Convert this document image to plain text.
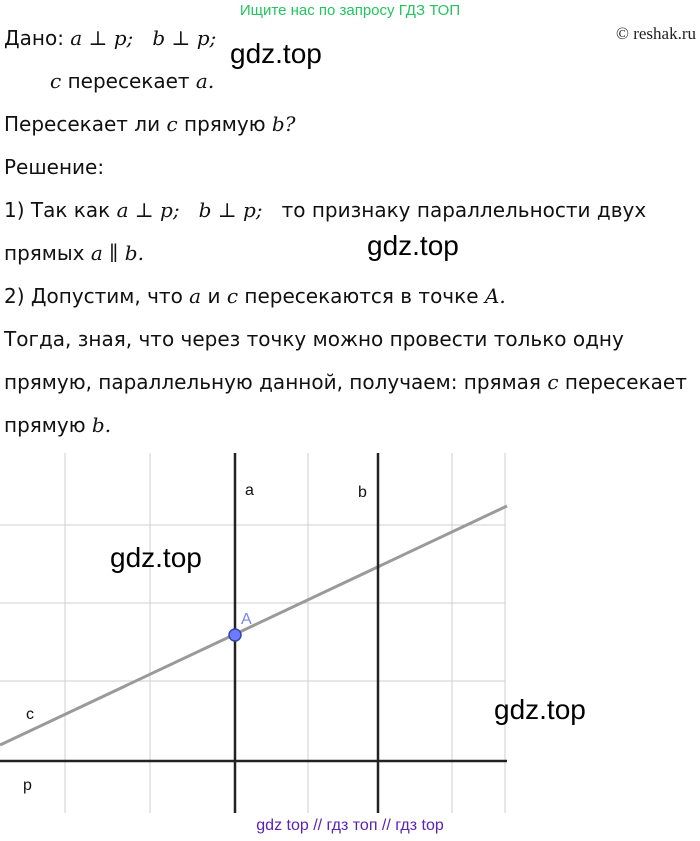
Ищите нас по запросу ГДЗ ТОП
© reshak.ru
Дано: a ⊥ p; b ⊥ p;
c пересекает a.
Пересекает ли c прямую b?
Решение:
1) Так как a ⊥ p; b ⊥ p; то признаку параллельности двух
прямых a ∥ b.
2) Допустим, что a и c пересекаются в точке A.
Тогда, зная, что через точку можно провести только одну
прямую, параллельную данной, получаем: прямая c пересекает
прямую b.
gdz.top
gdz.top
a	b
c
p
A
gdz.top
gdz.top
gdz top // гдз топ // гдз top
